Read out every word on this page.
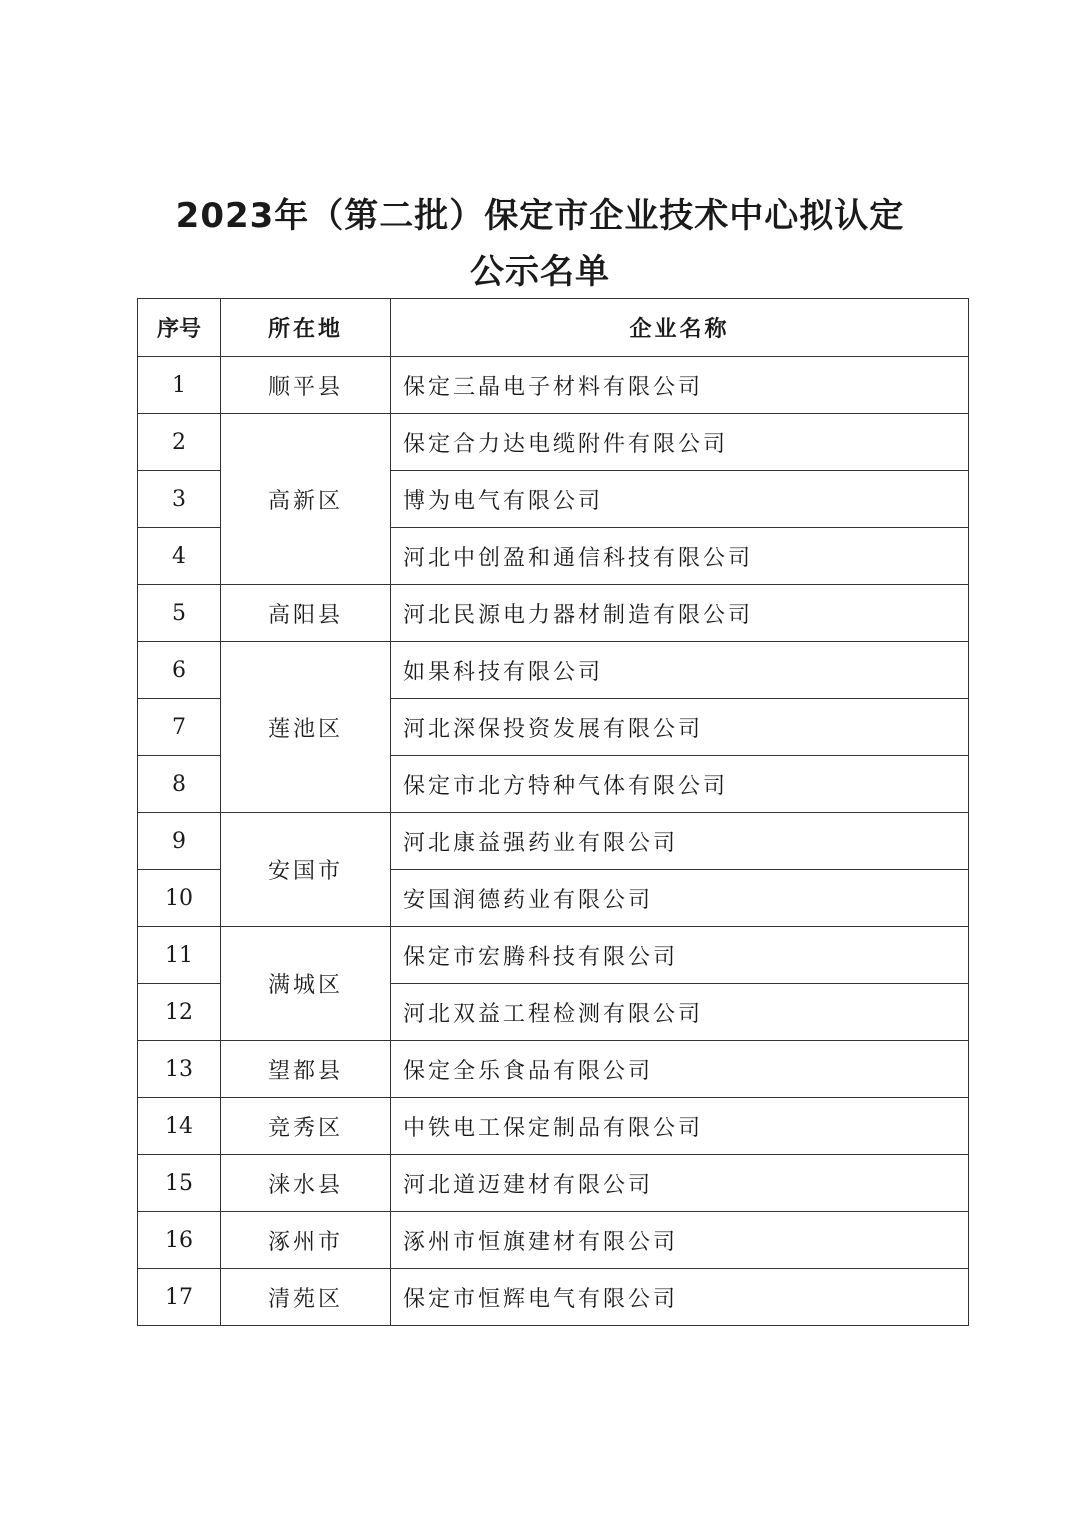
2023年（第二批）保定市企业技术中心拟认定
公示名单
序号	所在地	企业名称
1	顺平县	保定三晶电子材料有限公司
2	高新区	保定合力达电缆附件有限公司
3		博为电气有限公司
4		河北中创盈和通信科技有限公司
5	高阳县	河北民源电力器材制造有限公司
6	莲池区	如果科技有限公司
7		河北深保投资发展有限公司
8		保定市北方特种气体有限公司
9	安国市	河北康益强药业有限公司
10		安国润德药业有限公司
11	满城区	保定市宏腾科技有限公司
12		河北双益工程检测有限公司
13	望都县	保定全乐食品有限公司
14	竞秀区	中铁电工保定制品有限公司
15	涞水县	河北道迈建材有限公司
16	涿州市	涿州市恒旗建材有限公司
17	清苑区	保定市恒辉电气有限公司
